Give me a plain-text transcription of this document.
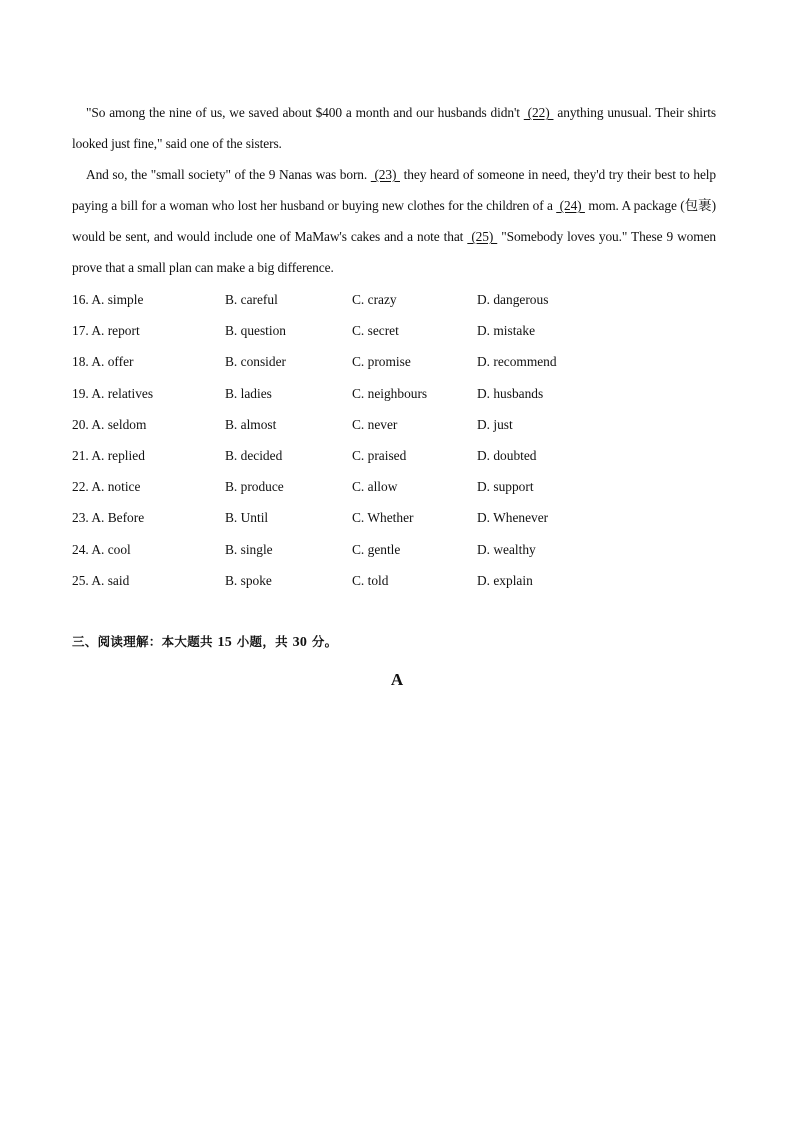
"So among the nine of us, we saved about $400 a month and our husbands didn't  (22)  anything unusual. Their shirts looked just fine," said one of the sisters.

And so, the "small society" of the 9 Nanas was born.  (23)  they heard of someone in need, they'd try their best to help paying a bill for a woman who lost her husband or buying new clothes for the children of a  (24)  mom. A package (包裹) would be sent, and would include one of MaMaw's cakes and a note that  (25)  "Somebody loves you." These 9 women prove that a small plan can make a big difference.

16. A. simple	B. careful	C. crazy	D. dangerous
17. A. report	B. question	C. secret	D. mistake
18. A. offer	B. consider	C. promise	D. recommend
19. A. relatives	B. ladies	C. neighbours	D. husbands
20. A. seldom	B. almost	C. never	D. just
21. A. replied	B. decided	C. praised	D. doubted
22. A. notice	B. produce	C. allow	D. support
23. A. Before	B. Until	C. Whether	D. Whenever
24. A. cool	B. single	C. gentle	D. wealthy
25. A. said	B. spoke	C. told	D. explain
三、阅读理解：本大题共 15 小题，共 30 分。
A
